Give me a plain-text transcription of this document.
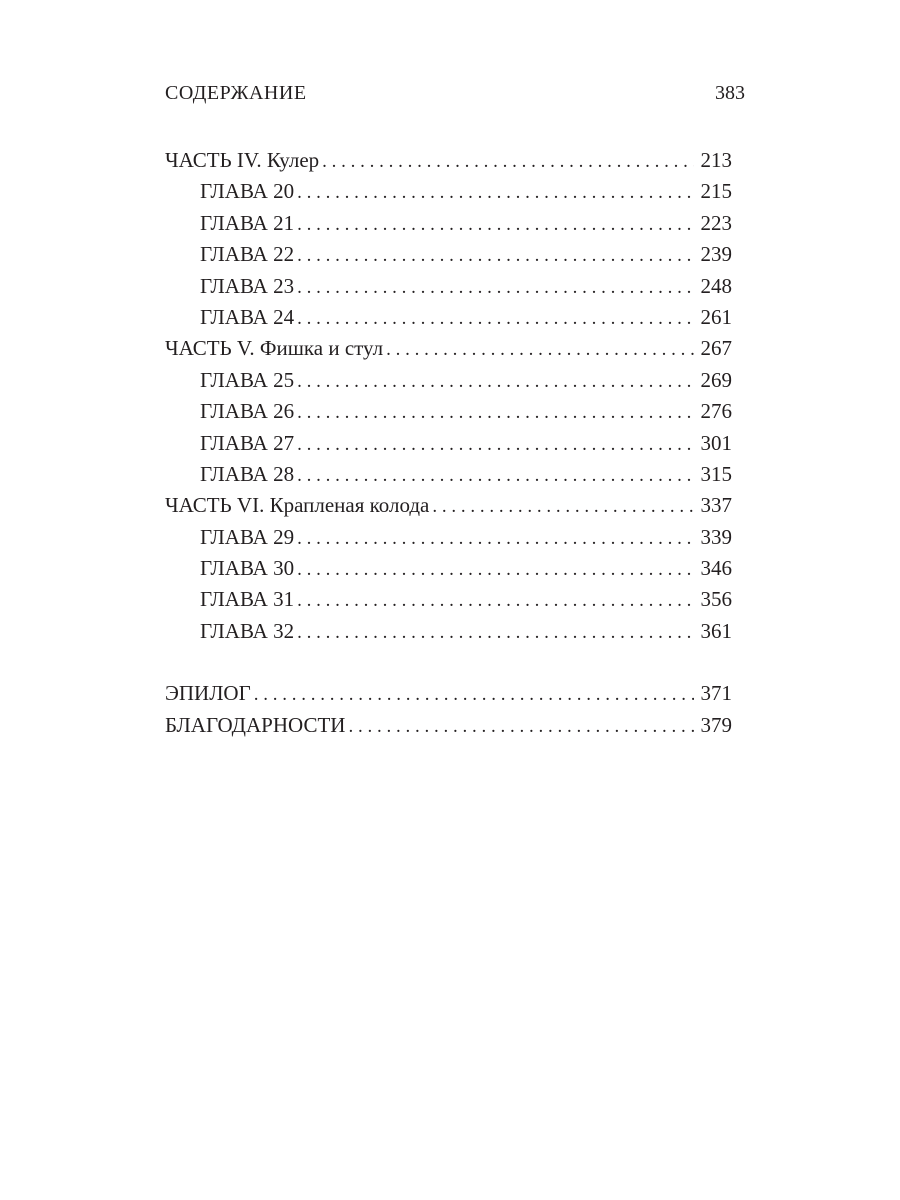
СОДЕРЖАНИЕ	383
ЧАСТЬ IV. Кулер . . .	213
ГЛАВА 20 . . .	215
ГЛАВА 21 . . .	223
ГЛАВА 22 . . .	239
ГЛАВА 23 . . .	248
ГЛАВА 24 . . .	261
ЧАСТЬ V. Фишка и стул . . .	267
ГЛАВА 25 . . .	269
ГЛАВА 26 . . .	276
ГЛАВА 27 . . .	301
ГЛАВА 28 . . .	315
ЧАСТЬ VI. Крапленая колода . . .	337
ГЛАВА 29 . . .	339
ГЛАВА 30 . . .	346
ГЛАВА 31 . . .	356
ГЛАВА 32 . . .	361
ЭПИЛОГ . . .	371
БЛАГОДАРНОСТИ . . .	379
